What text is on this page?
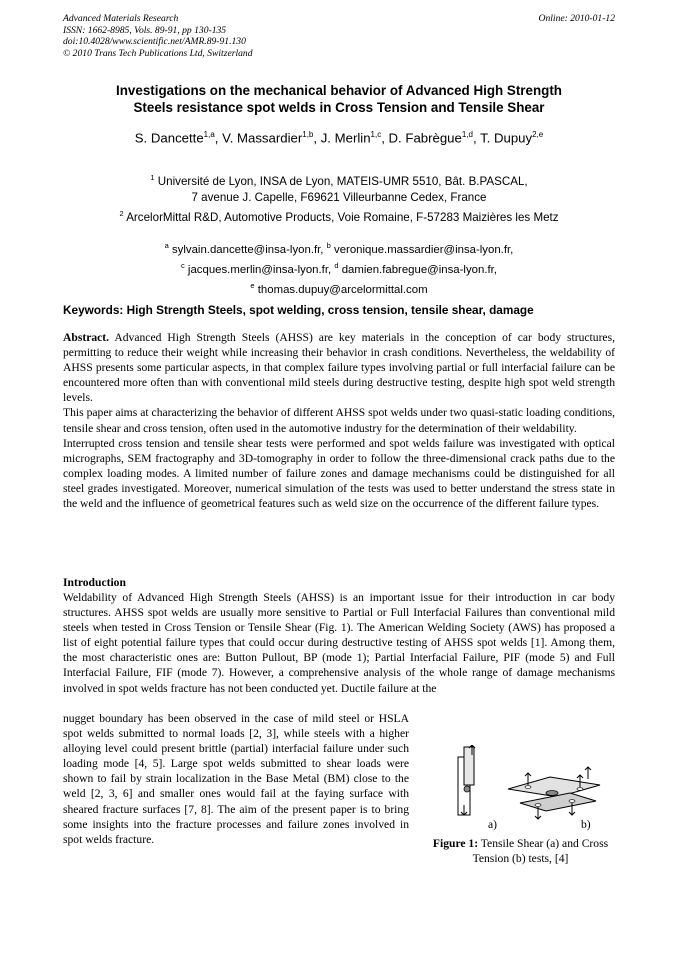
Advanced Materials Research
ISSN: 1662-8985, Vols. 89-91, pp 130-135
doi:10.4028/www.scientific.net/AMR.89-91.130
© 2010 Trans Tech Publications Ltd, Switzerland
Online: 2010-01-12
Investigations on the mechanical behavior of Advanced High Strength
Steels resistance spot welds in Cross Tension and Tensile Shear
S. Dancette$^{1,a}$, V. Massardier$^{1,b}$, J. Merlin$^{1,c}$, D. Fabrègue$^{1,d}$, T. Dupuy$^{2,e}$
$^1$ Université de Lyon, INSA de Lyon, MATEIS-UMR 5510, Bât. B.PASCAL,
7 avenue J. Capelle, F69621 Villeurbanne Cedex, France
$^2$ ArcelorMittal R&D, Automotive Products, Voie Romaine, F-57283 Maizières les Metz
$^a$ sylvain.dancette@insa-lyon.fr, $^b$ veronique.massardier@insa-lyon.fr,
$^c$ jacques.merlin@insa-lyon.fr, $^d$ damien.fabregue@insa-lyon.fr,
$^e$ thomas.dupuy@arcelormittal.com
Keywords: High Strength Steels, spot welding, cross tension, tensile shear, damage

Abstract. Advanced High Strength Steels (AHSS) are key materials in the conception of car body structures, permitting to reduce their weight while increasing their behavior in crash conditions. Nevertheless, the weldability of AHSS presents some particular aspects, in that complex failure types involving partial or full interfacial failure can be encountered more often than with conventional mild steels during destructive testing, despite high spot weld strength levels.

This paper aims at characterizing the behavior of different AHSS spot welds under two quasi-static loading conditions, tensile shear and cross tension, often used in the automotive industry for the determination of their weldability.

Interrupted cross tension and tensile shear tests were performed and spot welds failure was investigated with optical micrographs, SEM fractography and 3D-tomography in order to follow the three-dimensional crack paths due to the complex loading modes. A limited number of failure zones and damage mechanisms could be distinguished for all steel grades investigated. Moreover, numerical simulation of the tests was used to better understand the stress state in the weld and the influence of geometrical features such as weld size on the occurrence of the different failure types.

Introduction
Weldability of Advanced High Strength Steels (AHSS) is an important issue for their introduction in car body structures. AHSS spot welds are usually more sensitive to Partial or Full Interfacial Failures than conventional mild steels when tested in Cross Tension or Tensile Shear (Fig. 1). The American Welding Society (AWS) has proposed a list of eight potential failure types that could occur during destructive testing of AHSS spot welds [1]. Among them, the most characteristic ones are: Button Pullout, BP (mode 1); Partial Interfacial Failure, PIF (mode 5) and Full Interfacial Failure, FIF (mode 7). However, a comprehensive analysis of the whole range of damage mechanisms involved in spot welds fracture has not been conducted yet. Ductile failure at the
nugget boundary has been observed in the case of mild steel or HSLA spot welds submitted to normal loads [2, 3], while steels with a higher alloying level could present brittle (partial) interfacial failure under such loading mode [4, 5]. Large spot welds submitted to shear loads were shown to fail by strain localization in the Base Metal (BM) close to the weld [2, 3, 6] and smaller ones would fail at the faying surface with sheared fracture surfaces [7, 8]. The aim of the present paper is to bring some insights into the fracture processes and failure zones involved in spot welds fracture.
a)	b)
Figure 1: Tensile Shear (a) and Cross Tension (b) tests, [4]
